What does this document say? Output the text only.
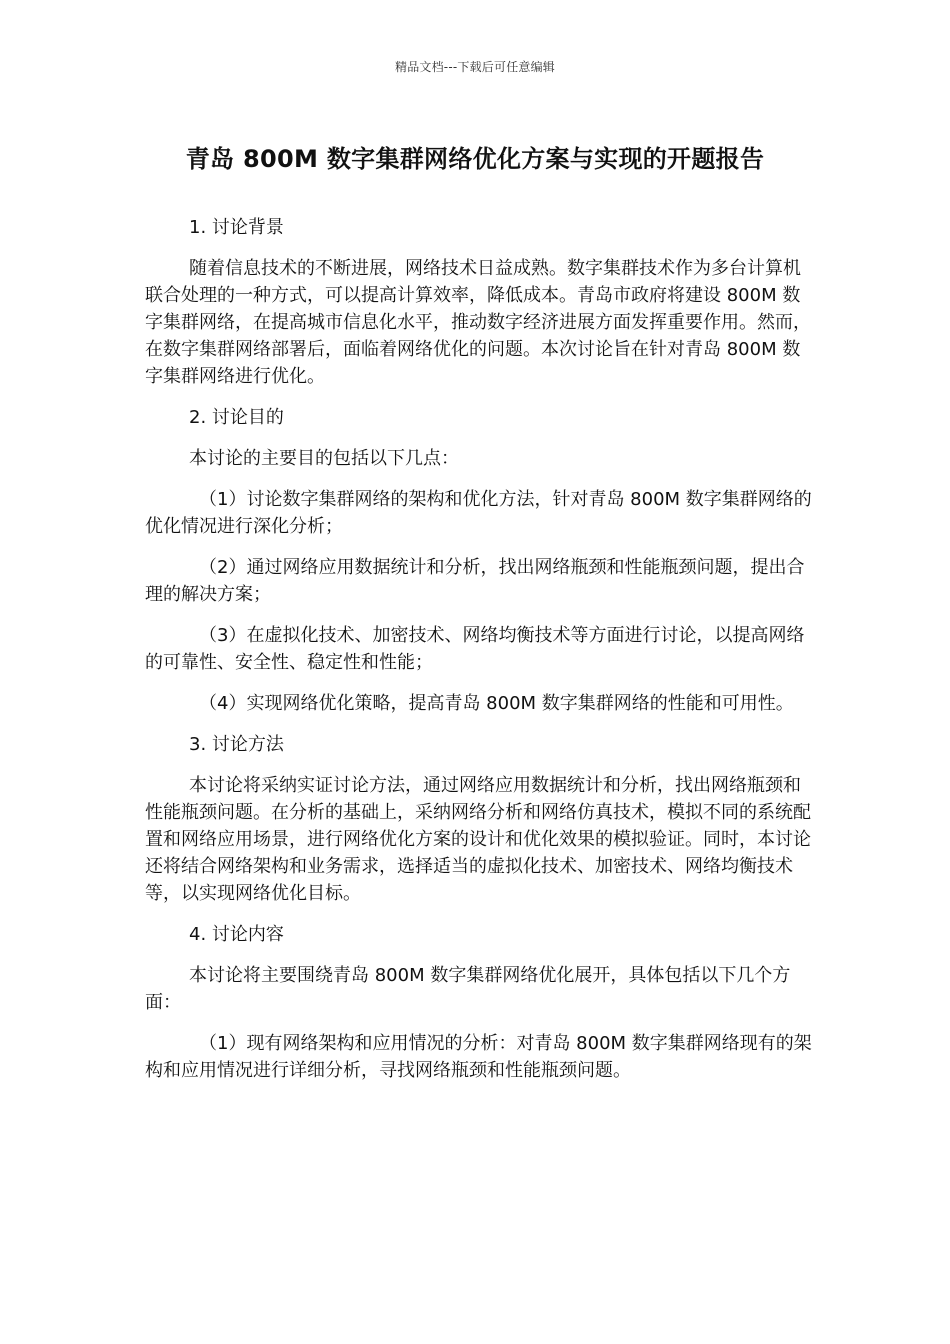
精品文档---下载后可任意编辑
青岛 800M 数字集群网络优化方案与实现的开题报告

1. 讨论背景

随着信息技术的不断进展，网络技术日益成熟。数字集群技术作为多台计算机联合处理的一种方式，可以提高计算效率，降低成本。青岛市政府将建设 800M 数字集群网络，在提高城市信息化水平，推动数字经济进展方面发挥重要作用。然而，在数字集群网络部署后，面临着网络优化的问题。本次讨论旨在针对青岛 800M 数字集群网络进行优化。

2. 讨论目的

本讨论的主要目的包括以下几点：

（1）讨论数字集群网络的架构和优化方法，针对青岛 800M 数字集群网络的优化情况进行深化分析；

（2）通过网络应用数据统计和分析，找出网络瓶颈和性能瓶颈问题，提出合理的解决方案；

（3）在虚拟化技术、加密技术、网络均衡技术等方面进行讨论，以提高网络的可靠性、安全性、稳定性和性能；

（4）实现网络优化策略，提高青岛 800M 数字集群网络的性能和可用性。

3. 讨论方法

本讨论将采纳实证讨论方法，通过网络应用数据统计和分析，找出网络瓶颈和性能瓶颈问题。在分析的基础上，采纳网络分析和网络仿真技术，模拟不同的系统配置和网络应用场景，进行网络优化方案的设计和优化效果的模拟验证。同时，本讨论还将结合网络架构和业务需求，选择适当的虚拟化技术、加密技术、网络均衡技术等，以实现网络优化目标。

4. 讨论内容

本讨论将主要围绕青岛 800M 数字集群网络优化展开，具体包括以下几个方面：

（1）现有网络架构和应用情况的分析：对青岛 800M 数字集群网络现有的架构和应用情况进行详细分析，寻找网络瓶颈和性能瓶颈问题。
